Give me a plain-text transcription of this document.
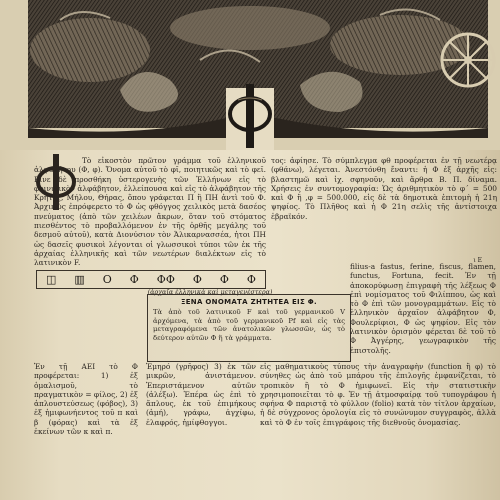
Τὸ εἰκοστὸν πρῶτον γράμμα τοῦ ἑλληνικοῦ ἀλφαβήτου (Φ, φ). Ὄνομα αὐτοῦ τὸ φῖ, ποιητικῶς καὶ τὸ φεῖ. Εἶνε δὲ προσθήκη ὑστερογενὴς τῶν Ἑλλήνων εἰς τὸ φοινικικὸν ἀλφάβητον, ἐλλείπουσα καὶ εἰς τὸ ἀλφάβητον τῆς Κρήτης, Μήλου, Θήρας, ὅπου γράφεται Π ἢ ΠΗ ἀντὶ τοῦ Φ. Ἀρχικῶς ἐπρόφερετο τὸ Φ ὡς φθόγγος χειλικὸς μετὰ δασέος πνεύματος (ἀπὸ τῶν χειλέων ἄκρων, ὅταν τοῦ στόματος πιεσθέντος τὸ προβαλλόμενον ἐν τῆς ὀρθῆς μεγάλης τοῦ δεσμοῦ αὐτοῦ), κατὰ Διονύσιον τὸν Ἁλικαρνασσέα, ἡτοι ΠΗ ὡς δασεῖς φυσικοὶ λέγονται οἱ γλωσσικοὶ τύποι τῶν ἐκ τῆς ἀρχαίας ἑλληνικῆς καὶ τῶν νεωτέρων διαλέκτων εἰς τὸ λατινικὸν F.

τος: ἀφίησε. Τὸ σύμπλεγμα φθ προφέρεται ἐν τῇ νεωτέρᾳ (φθάνω), λέγεται. Ἀνεστόνθη ἔναντι: ἡ Φ ἐξ ἀρχῆς εἰς: βλαστημῶ καὶ ἰχ. σφηνοῦν, καὶ ἄρθρα Β. Π. δίναμα. Χρήσεις ἐν συντομογραφία: Ὡς ἀριθμητικὸν τὸ φ΄ = 500 καὶ Φ ἢ ,φ = 500.000, εἰς δὲ τὰ δημοτικὰ ἐπιτομὴ ἡ 21η ψηφίος. Τὸ Πλῆθος καὶ ἡ Φ 21η σελὶς τῆς ἀντίστοιχα ἑβραϊκόν.

ι Ε
◫ ▥ Ο Φ ΦΦ Φ Φ Φ
(ἀρχαῖα ἑλληνικὰ καὶ μεταγενέστερα)
ΞΕΝΑ ΟΝΟΜΑΤΑ ΖΗΤΗΤΕΑ ΕΙΣ Φ.
Τὰ ἀπὸ τοῦ λατινικοῦ F καὶ τοῦ γερμανικοῦ V ἀρχόμενα, τὰ ἀπὸ τοῦ γερμανικοῦ Pf καὶ εἰς τὰς μεταγραφόμενα τῶν ἀνατολικῶν γλωσσῶν, ὡς τὸ δεύτερον αὐτῶν Φ ἢ τὰ γράμματα.

filius-a fastus, ferine, fiscus, flamen, functus, Fortuna, fecit. Ἐν τῇ ἀποκορύφωσῃ ἐπιγραφὴ τῆς λέξεως Φ ἐπὶ νομίσματος τοῦ Φιλίππου, ὡς καὶ τὸ Φ ἐπὶ τῶν μονογραμμάτων. Εἰς τὸ ἑλληνικὸν ἀρχαῖον ἀλφάβητον Φ, Φουλερίφιοι, Φ ὡς ψηφίον. Εἰς τὸν λατινικὸν ὀρισμὸν φέρεται δὲ τοῦ τὸ Φ Ἀγγέρης, γεωγραφικὸν τῆς ἐπιστολῆς.

Ἐν τῇ ΑΕΙ τὸ Φ προφέρεται: 1) ἐξ ὁμαλισμοῦ, τὸ πραγματικὸν = φίλος, 2) ἐξ ἀπλουστεύσεως (φόβος), 3) ἐξ ἡμιφωνήεντος τοῦ π καὶ β (φόρας) καὶ τὰ ἐξ ἐκείνων τῶν κ καὶ π.

Ἐμηρό (γρῆφος) 3) ἐκ τῶν μικρῶν, ἀνιστάμενον. Ἐπεριστάμενον αὐτῶν (ἀλέξω). Ἐπέρα ὡς ἐπὶ τὸ ἄπλους, ἐκ τοῦ ἐπιμήκους (ἀμή), γράφω, ἀγχίφω, ἐλαφρός, ἡμίφθογγοι.

εἰς μαθηματικοὺς τύπους τὴν ἀναγραφὴν (function ἢ φ) τὸ σύνηθες ὡς ἀπὸ τοῦ μπάρου τῆς ἐπιλογῆς ἐμφανίζεται, τὸ τροπικὸν ἢ τὸ Φ ἡμιφωνεῖ. Εἰς τὴν στατιστικὴν χρησιμοποιεῖται τὸ φ. Ἐν τῇ ἀτμοσφαίρᾳ τοῦ τυπογράφου ἡ σφήνα Φ παριστᾷ τὸ φύλλον (folio) κατὰ τὸν τίτλον ἀρχαίων, ἡ δὲ σύγχρονος ὀρολογία εἰς τὸ συνώνυμον συγγραφὸς, ἀλλὰ καὶ τὸ Φ ἐν τοῖς ἐπιγράφοις τῆς διεθνοῦς ὀνομασίας.
